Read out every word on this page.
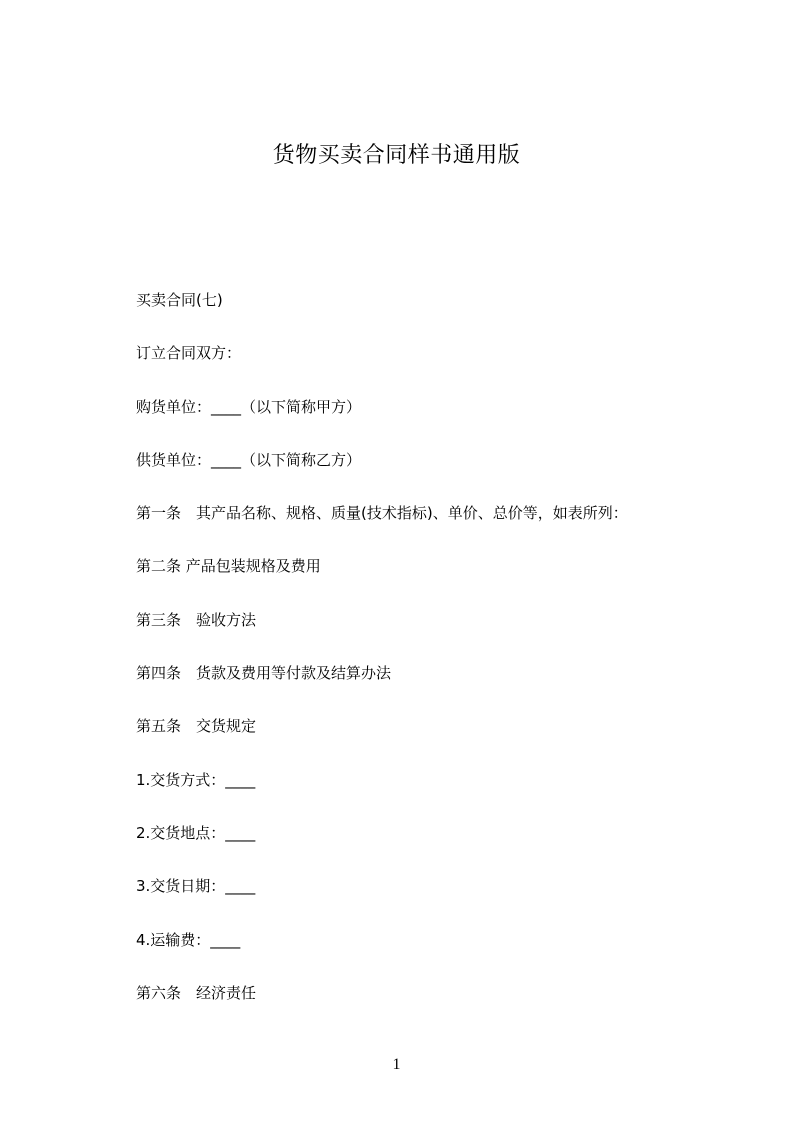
货物买卖合同样书通用版
买卖合同(七)
订立合同双方：
购货单位：____（以下简称甲方）
供货单位：____（以下简称乙方）
第一条　其产品名称、规格、质量(技术指标)、单价、总价等，如表所列：
第二条 产品包装规格及费用
第三条　验收方法
第四条　货款及费用等付款及结算办法
第五条　交货规定
1.交货方式：____
2.交货地点：____
3.交货日期：____
4.运输费：____
第六条　经济责任
1
